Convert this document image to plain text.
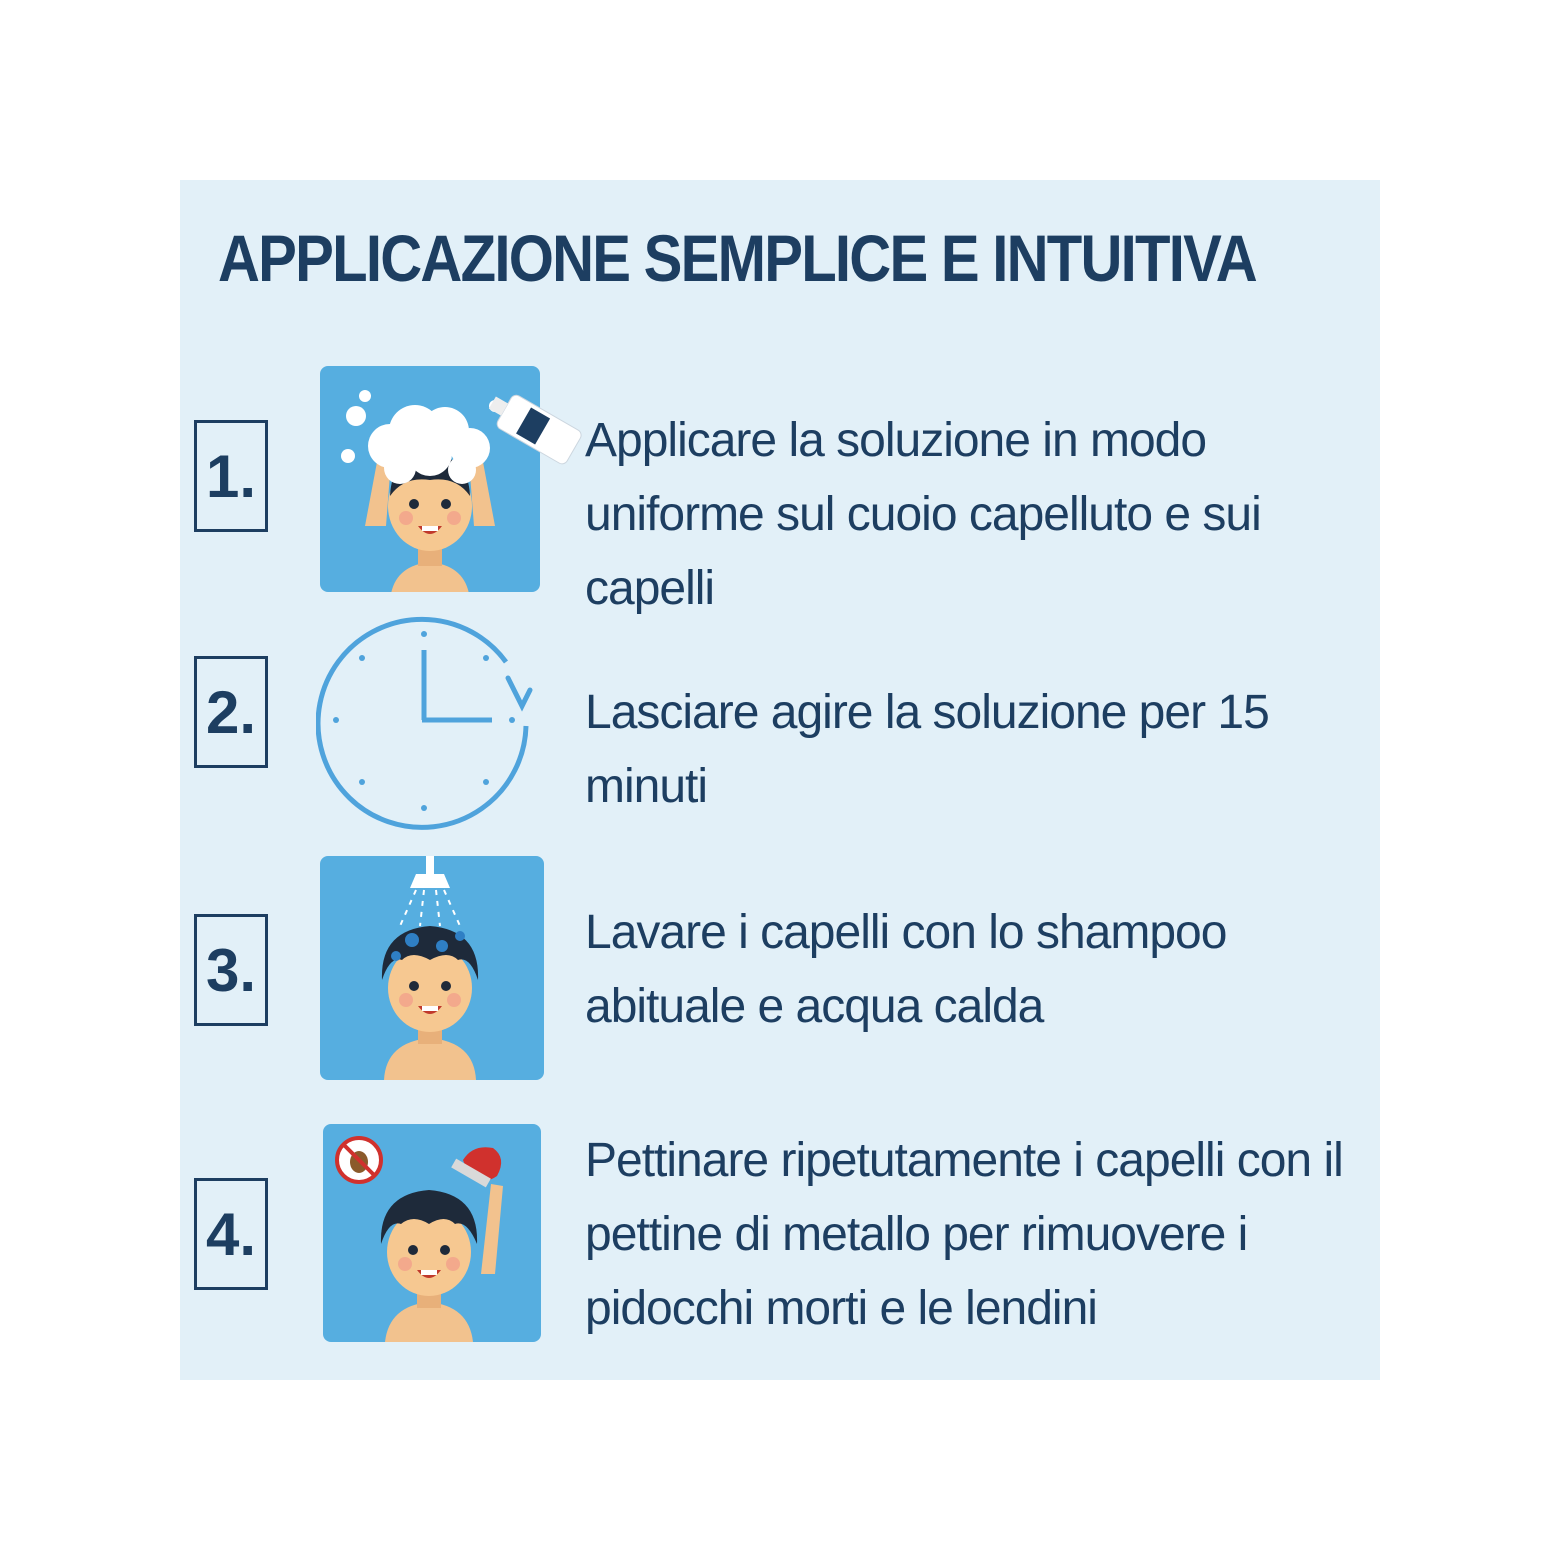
APPLICAZIONE SEMPLICE E INTUITIVA
1.
Applicare la soluzione in modo uniforme sul cuoio capelluto e sui capelli
2.	Lasciare agire la soluzione per 15 minuti
3.
Lavare i capelli con lo shampoo abituale e acqua calda
4.
Pettinare ripetutamente i capelli con il pettine di metallo per rimuovere i pidocchi morti e le lendini
